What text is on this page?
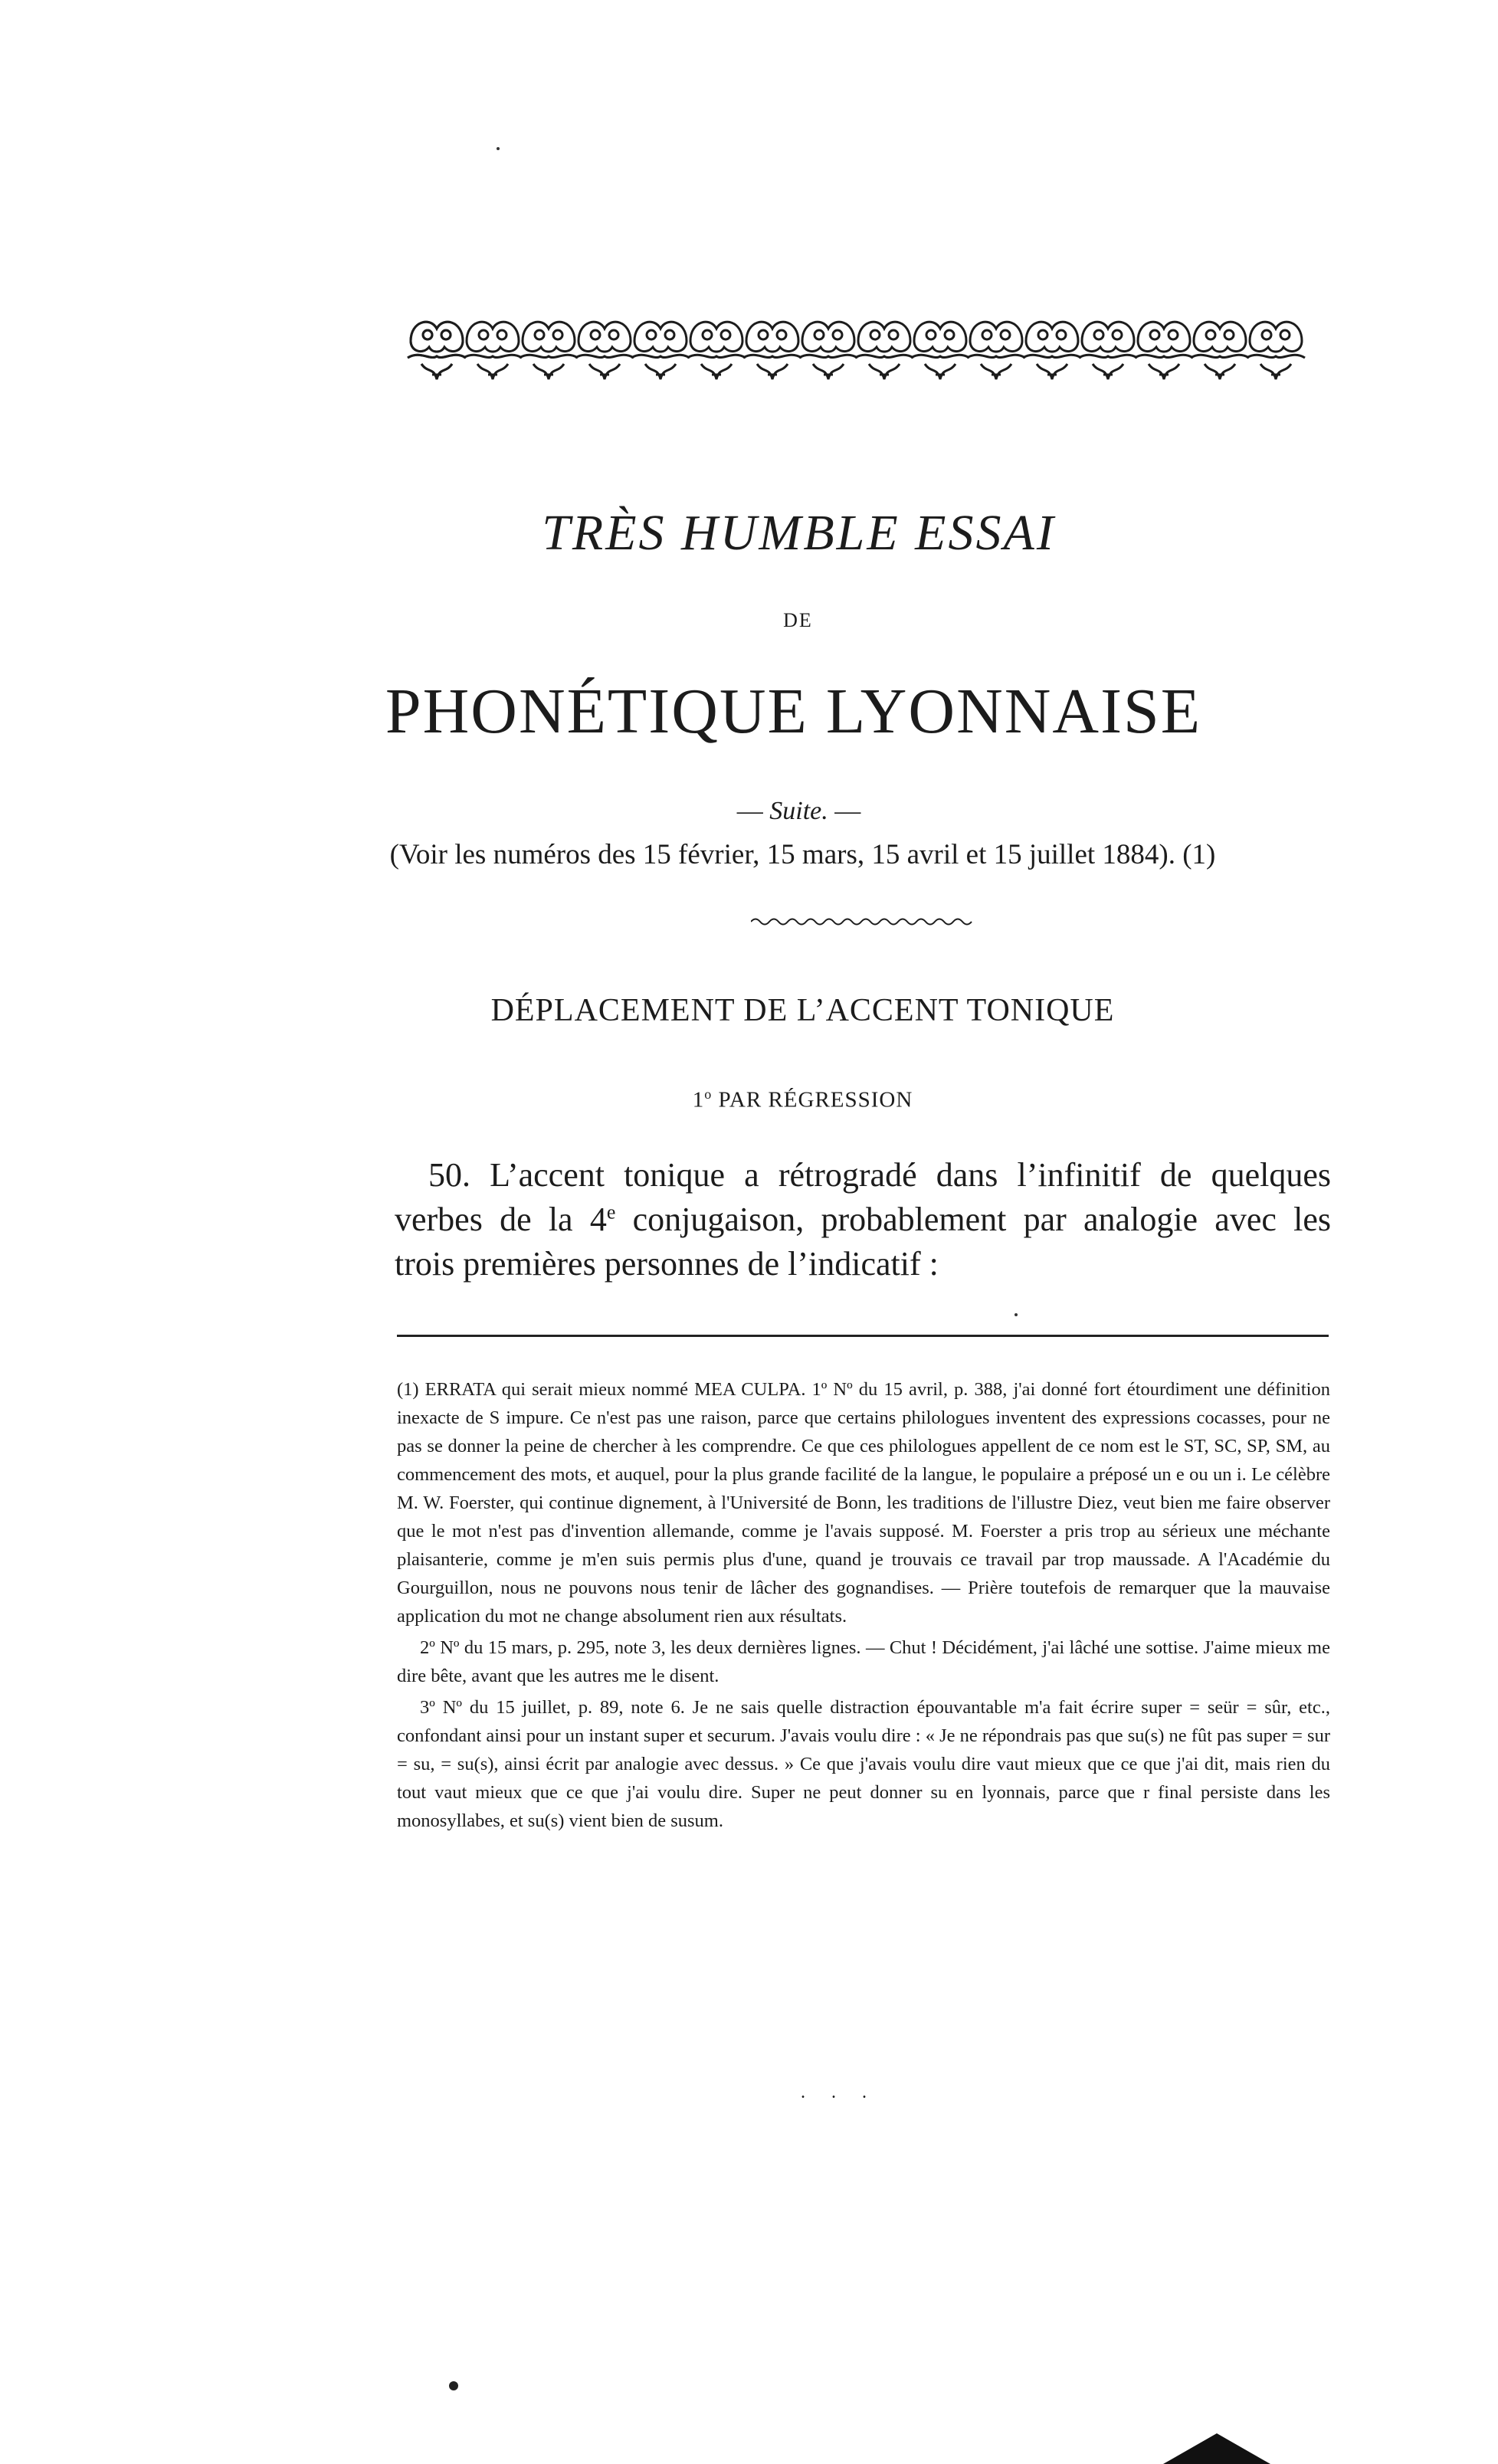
TRÈS HUMBLE ESSAI
DE
PHONÉTIQUE LYONNAISE
— Suite. —
(Voir les numéros des 15 février, 15 mars, 15 avril et 15 juillet 1884). (1)
DÉPLACEMENT DE L’ACCENT TONIQUE
1$^o$ PAR RÉGRESSION
50. L’accent tonique a rétrogradé dans l’infinitif de quelques
verbes de la 4e conjugaison, probablement par analogie avec les
trois premières personnes de l’indicatif :

(1) ERRATA qui serait mieux nommé MEA CULPA. 1º Nº du 15 avril, p. 388, j'ai donné fort étourdiment une définition inexacte de S impure. Ce n'est pas une raison, parce que certains philologues inventent des expressions cocasses, pour ne pas se donner la peine de chercher à les comprendre. Ce que ces philologues appellent de ce nom est le ST, SC, SP, SM, au commencement des mots, et auquel, pour la plus grande facilité de la langue, le populaire a préposé un e ou un i. Le célèbre M. W. Foerster, qui continue dignement, à l'Université de Bonn, les traditions de l'illustre Diez, veut bien me faire observer que le mot n'est pas d'invention allemande, comme je l'avais supposé. M. Foerster a pris trop au sérieux une méchante plaisanterie, comme je m'en suis permis plus d'une, quand je trouvais ce travail par trop maussade. A l'Académie du Gourguillon, nous ne pouvons nous tenir de lâcher des gognandises. — Prière toutefois de remarquer que la mauvaise application du mot ne change absolument rien aux résultats.

2º Nº du 15 mars, p. 295, note 3, les deux dernières lignes. — Chut ! Décidément, j'ai lâché une sottise. J'aime mieux me dire bête, avant que les autres me le disent.

3º Nº du 15 juillet, p. 89, note 6. Je ne sais quelle distraction épouvantable m'a fait écrire super = seür = sûr, etc., confondant ainsi pour un instant super et securum. J'avais voulu dire : « Je ne répondrais pas que su(s) ne fût pas super = sur = su, = su(s), ainsi écrit par analogie avec dessus. » Ce que j'avais voulu dire vaut mieux que ce que j'ai dit, mais rien du tout vaut mieux que ce que j'ai voulu dire. Super ne peut donner su en lyonnais, parce que r final persiste dans les monosyllabes, et su(s) vient bien de susum.

. . .
